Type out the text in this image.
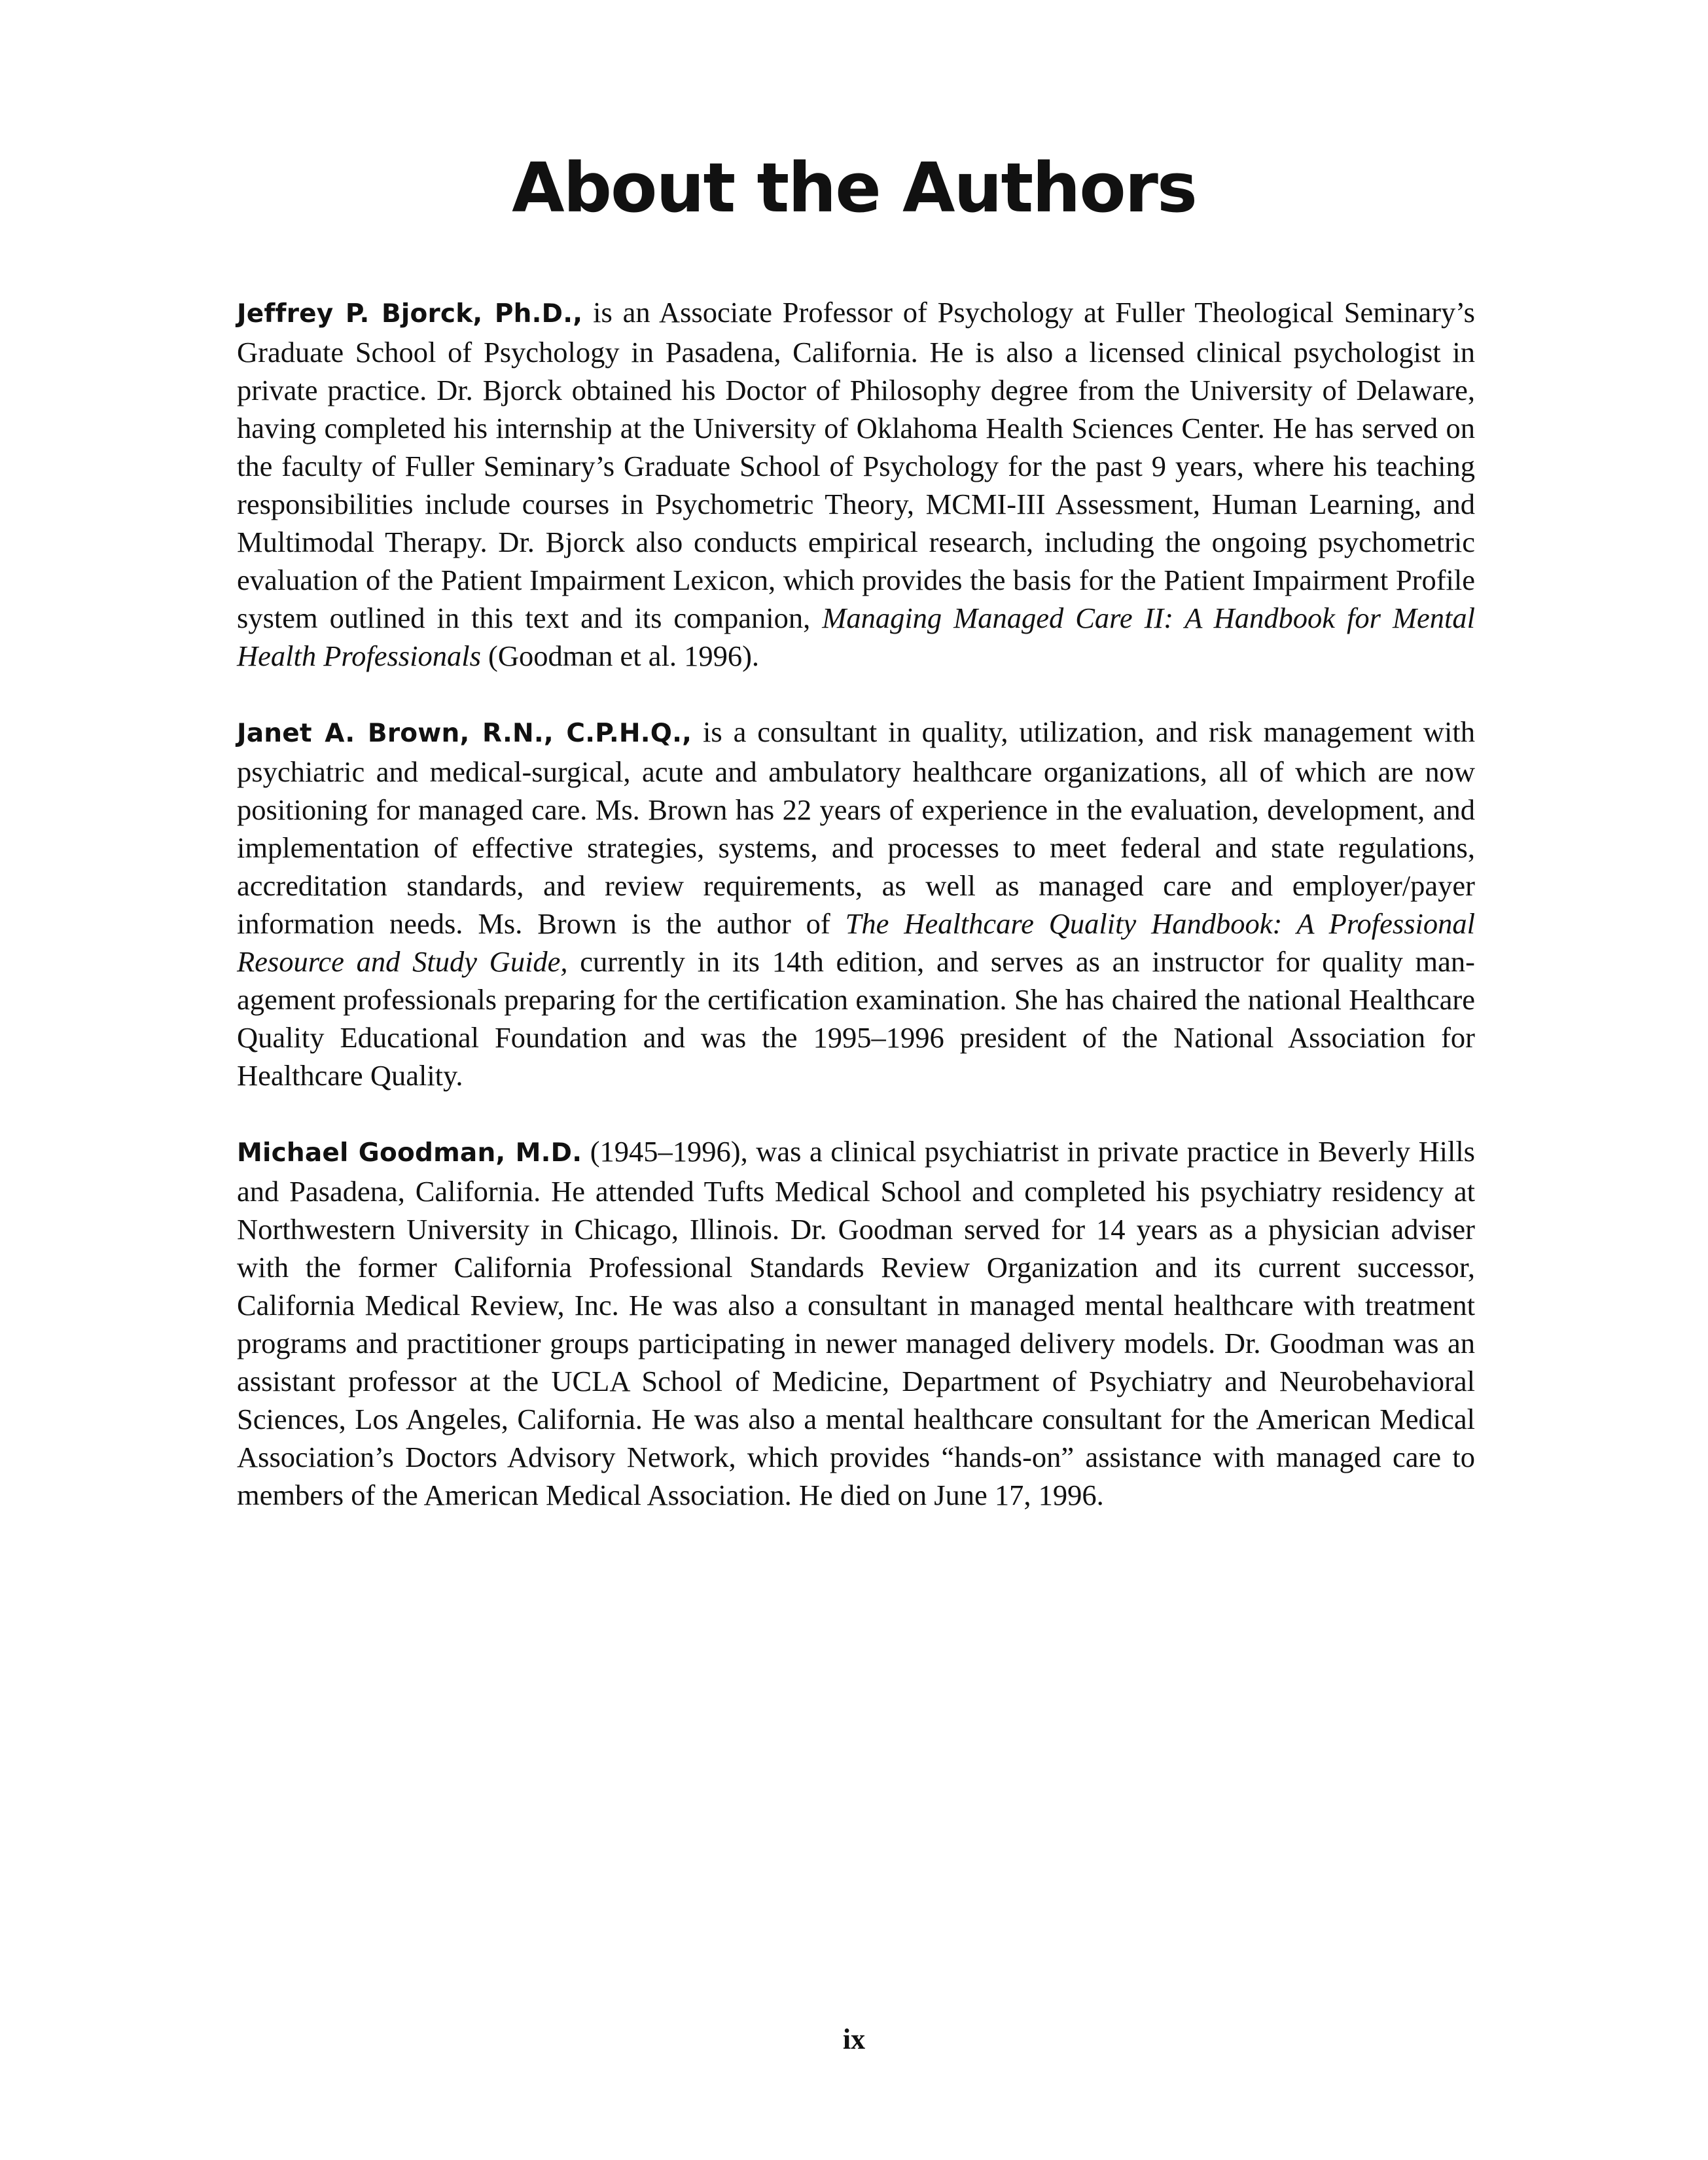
About the Authors

Jeffrey P. Bjorck, Ph.D., is an Associate Professor of Psychology at Fuller Theological Seminary’s Graduate School of Psychology in Pasadena, California. He is also a licensed clinical psychologist in private practice. Dr. Bjorck obtained his Doctor of Philosophy degree from the University of Delaware, having completed his internship at the University of Oklahoma Health Sciences Center. He has served on the faculty of Fuller Seminary’s Graduate School of Psychology for the past 9 years, where his teaching responsibilities include courses in Psychometric Theory, MCMI-III Assessment, Human Learning, and Multimodal Therapy. Dr. Bjorck also conducts empirical research, including the ongoing psychometric evaluation of the Patient Impairment Lexicon, which provides the basis for the Patient Impairment Profile system outlined in this text and its companion, Managing Managed Care II: A Handbook for Mental Health Professionals (Goodman et al. 1996).

Janet A. Brown, R.N., C.P.H.Q., is a consultant in quality, utilization, and risk management with psychiatric and medical-surgical, acute and ambulatory healthcare organizations, all of which are now positioning for managed care. Ms. Brown has 22 years of experience in the evaluation, development, and implementation of effective strategies, systems, and processes to meet federal and state regulations, accreditation standards, and review requirements, as well as managed care and employer/payer information needs. Ms. Brown is the author of The Healthcare Quality Handbook: A Professional Resource and Study Guide, currently in its 14th edition, and serves as an instructor for quality management professionals preparing for the certification examination. She has chaired the national Healthcare Quality Educational Foundation and was the 1995–1996 president of the National Association for Healthcare Quality.

Michael Goodman, M.D. (1945–1996), was a clinical psychiatrist in private practice in Beverly Hills and Pasadena, California. He attended Tufts Medical School and completed his psychiatry residency at Northwestern University in Chicago, Illinois. Dr. Goodman served for 14 years as a physician adviser with the former California Professional Standards Review Organization and its current successor, California Medical Review, Inc. He was also a consultant in managed mental healthcare with treatment programs and practitioner groups participating in newer managed delivery models. Dr. Goodman was an assistant professor at the UCLA School of Medicine, Department of Psychiatry and Neurobehavioral Sciences, Los Angeles, California. He was also a mental healthcare consultant for the American Medical Association’s Doctors Advisory Network, which provides “hands-on” assistance with managed care to members of the American Medical Association. He died on June 17, 1996.

ix
